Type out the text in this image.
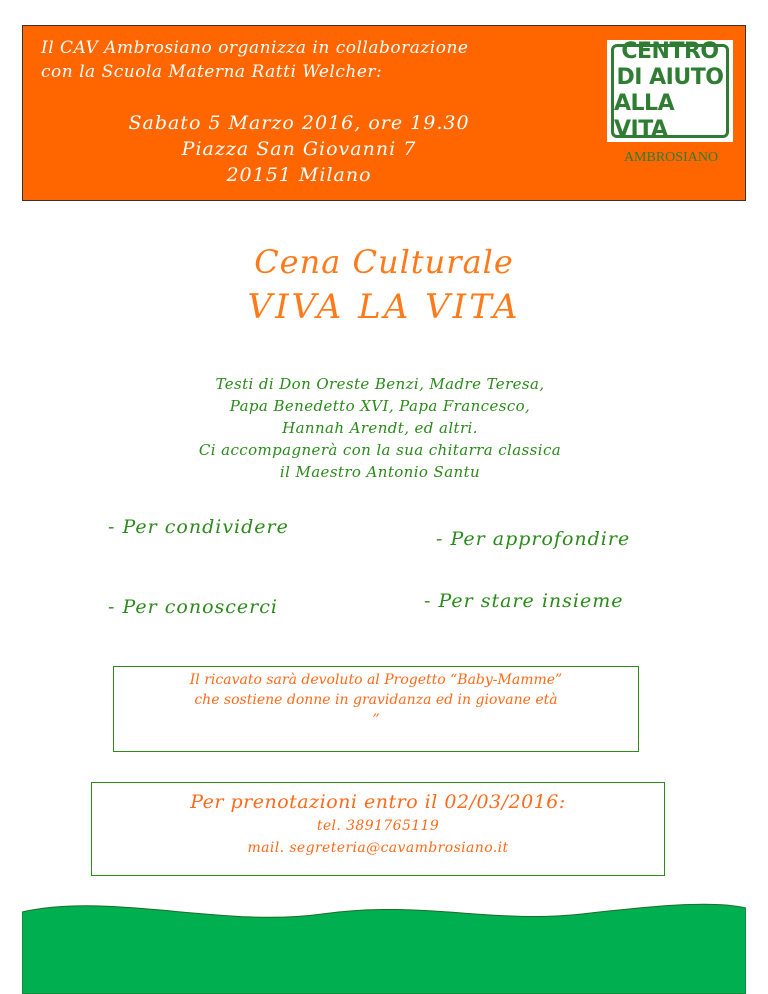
Il CAV Ambrosiano organizza in collaborazione
con la Scuola Materna Ratti Welcher:
Sabato 5 Marzo 2016, ore 19.30
Piazza San Giovanni 7
20151 Milano
CENTRO
DI AIUTO
ALLA VITA
AMBROSIANO
Cena Culturale
VIVA LA VITA
Testi di Don Oreste Benzi, Madre Teresa,
Papa Benedetto XVI, Papa Francesco,
Hannah Arendt, ed altri.
Ci accompagnerà con la sua chitarra classica
il Maestro Antonio Santu
- Per condividere
- Per approfondire
- Per conoscerci	- Per stare insieme
Il ricavato sarà devoluto al Progetto “Baby-Mamme”
che sostiene donne in gravidanza ed in giovane età
”
Per prenotazioni entro il 02/03/2016:
tel. 3891765119
mail. segreteria@cavambrosiano.it
